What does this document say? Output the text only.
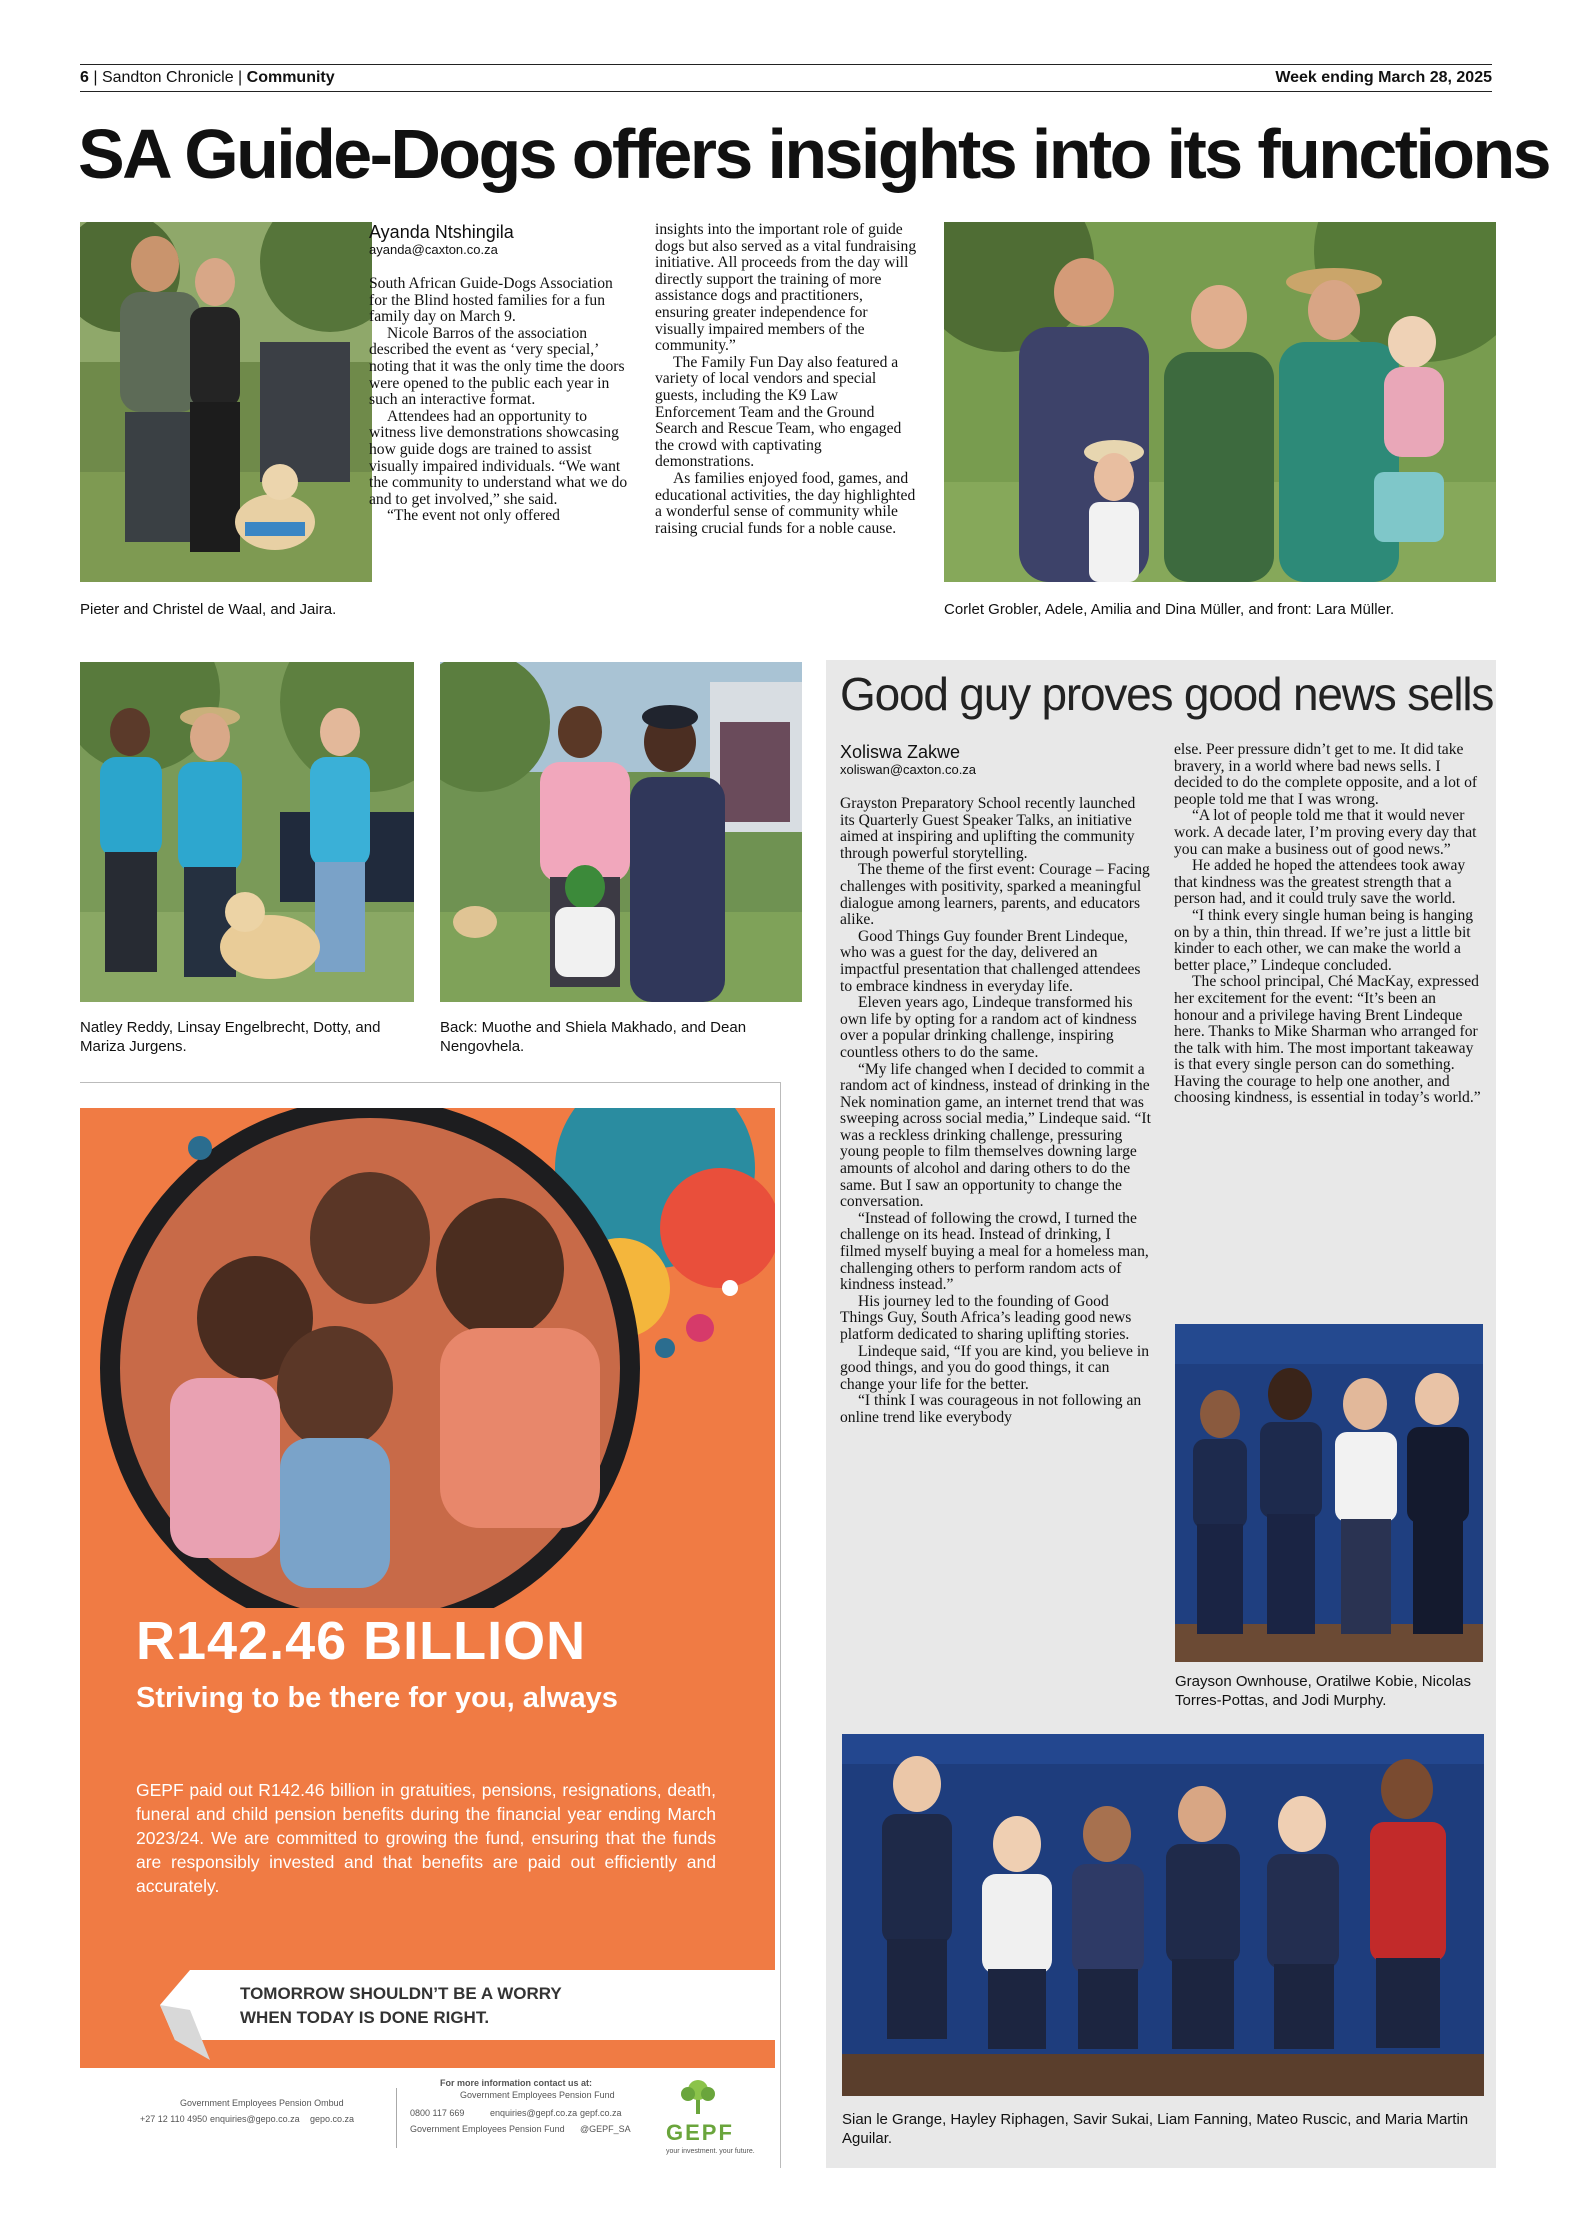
6 | Sandton Chronicle | Community	Week ending March 28, 2025
SA Guide-Dogs offers insights into its functions
Pieter and Christel de Waal, and Jaira.
Ayanda Ntshingila
ayanda@caxton.co.za

South African Guide-Dogs Association for the Blind hosted families for a fun family day on March 9.

Nicole Barros of the association described the event as ‘very special,’ noting that it was the only time the doors were opened to the public each year in such an interactive format.

Attendees had an opportunity to witness live demonstrations showcasing how guide dogs are trained to assist visually impaired individuals. “We want the community to understand what we do and to get involved,” she said.

“The event not only offered

insights into the important role of guide dogs but also served as a vital fundraising initiative. All proceeds from the day will directly support the training of more assistance dogs and practitioners, ensuring greater independence for visually impaired members of the community.”

The Family Fun Day also featured a variety of local vendors and special guests, including the K9 Law Enforcement Team and the Ground Search and Rescue Team, who engaged the crowd with captivating demonstrations.

As families enjoyed food, games, and educational activities, the day highlighted a wonderful sense of community while raising crucial funds for a noble cause.

Corlet Grobler, Adele, Amilia and Dina Müller, and front: Lara Müller.
Natley Reddy, Linsay Engelbrecht, Dotty, and Mariza Jurgens.
Back: Muothe and Shiela Makhado, and Dean Nengovhela.
Good guy proves good news sells
Xoliswa Zakwe
xoliswan@caxton.co.za

Grayston Preparatory School recently launched its Quarterly Guest Speaker Talks, an initiative aimed at inspiring and uplifting the community through powerful storytelling.

The theme of the first event: Courage – Facing challenges with positivity, sparked a meaningful dialogue among learners, parents, and educators alike.

Good Things Guy founder Brent Lindeque, who was a guest for the day, delivered an impactful presentation that challenged attendees to embrace kindness in everyday life.

Eleven years ago, Lindeque transformed his own life by opting for a random act of kindness over a popular drinking challenge, inspiring countless others to do the same.

“My life changed when I decided to commit a random act of kindness, instead of drinking in the Nek nomination game, an internet trend that was sweeping across social media,” Lindeque said. “It was a reckless drinking challenge, pressuring young people to film themselves downing large amounts of alcohol and daring others to do the same. But I saw an opportunity to change the conversation.

“Instead of following the crowd, I turned the challenge on its head. Instead of drinking, I filmed myself buying a meal for a homeless man, challenging others to perform random acts of kindness instead.”

His journey led to the founding of Good Things Guy, South Africa’s leading good news platform dedicated to sharing uplifting stories.

Lindeque said, “If you are kind, you believe in good things, and you do good things, it can change your life for the better.

“I think I was courageous in not following an online trend like everybody

else. Peer pressure didn’t get to me. It did take bravery, in a world where bad news sells. I decided to do the complete opposite, and a lot of people told me that I was wrong.

“A lot of people told me that it would never work. A decade later, I’m proving every day that you can make a business out of good news.”

He added he hoped the attendees took away that kindness was the greatest strength that a person had, and it could truly save the world.

“I think every single human being is hanging on by a thin, thin thread. If we’re just a little bit kinder to each other, we can make the world a better place,” Lindeque concluded.

The school principal, Ché MacKay, expressed her excitement for the event: “It’s been an honour and a privilege having Brent Lindeque here. Thanks to Mike Sharman who arranged for the talk with him. The most important takeaway is that every single person can do something. Having the courage to help one another, and choosing kindness, is essential in today’s world.”

Grayson Ownhouse, Oratilwe Kobie, Nicolas Torres-Pottas, and Jodi Murphy.
Sian le Grange, Hayley Riphagen, Savir Sukai, Liam Fanning, Mateo Ruscic, and Maria Martin Aguilar.
R142.46 BILLION
Striving to be there for you, always
GEPF paid out R142.46 billion in gratuities, pensions, resignations, death, funeral and child pension benefits during the financial year ending March 2023/24. We are committed to growing the fund, ensuring that the funds are responsibly invested and that benefits are paid out efficiently and accurately.
TOMORROW SHOULDN’T BE A WORRY
WHEN TODAY IS DONE RIGHT.
For more information contact us at:
Government Employees Pension Fund
Government Employees Pension Ombud
+27 12 110 4950 enquiries@gepo.co.za gepo.co.za
0800 117 669	enquiries@gepf.co.za gepf.co.za
Government Employees Pension Fund @GEPF_SA GEPF
your investment. your future.
